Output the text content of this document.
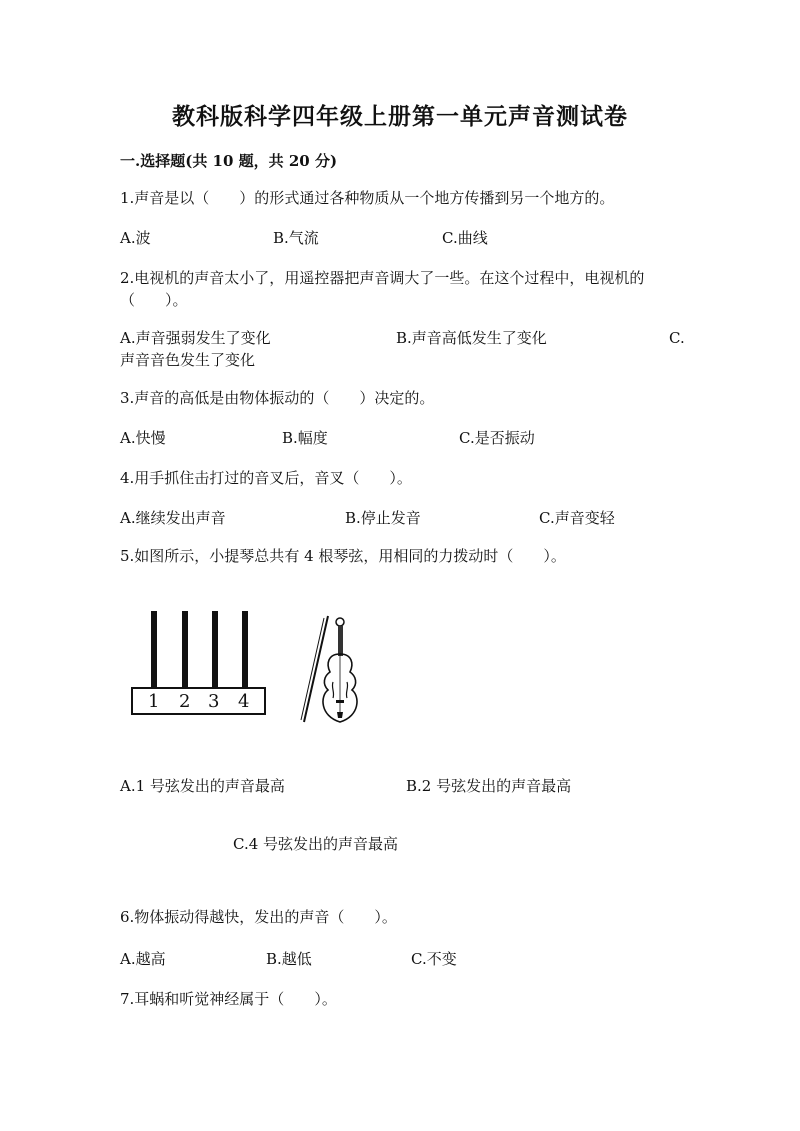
教科版科学四年级上册第一单元声音测试卷
一.选择题(共 10 题，共 20 分)
1.声音是以（　　）的形式通过各种物质从一个地方传播到另一个地方的。
A.波	B.气流	C.曲线
2.电视机的声音太小了，用遥控器把声音调大了一些。在这个过程中，电视机的（　　）。
A.声音强弱发生了变化	B.声音高低发生了变化	C.
声音音色发生了变化
3.声音的高低是由物体振动的（　　）决定的。
A.快慢	B.幅度	C.是否振动
4.用手抓住击打过的音叉后，音叉（　　）。
A.继续发出声音	B.停止发音	C.声音变轻
5.如图所示，小提琴总共有 4 根琴弦，用相同的力拨动时（　　）。
1 2 3 4
A.1 号弦发出的声音最高	B.2 号弦发出的声音最高
C.4 号弦发出的声音最高
6.物体振动得越快，发出的声音（　　）。
A.越高	B.越低	C.不变
7.耳蜗和听觉神经属于（　　）。
